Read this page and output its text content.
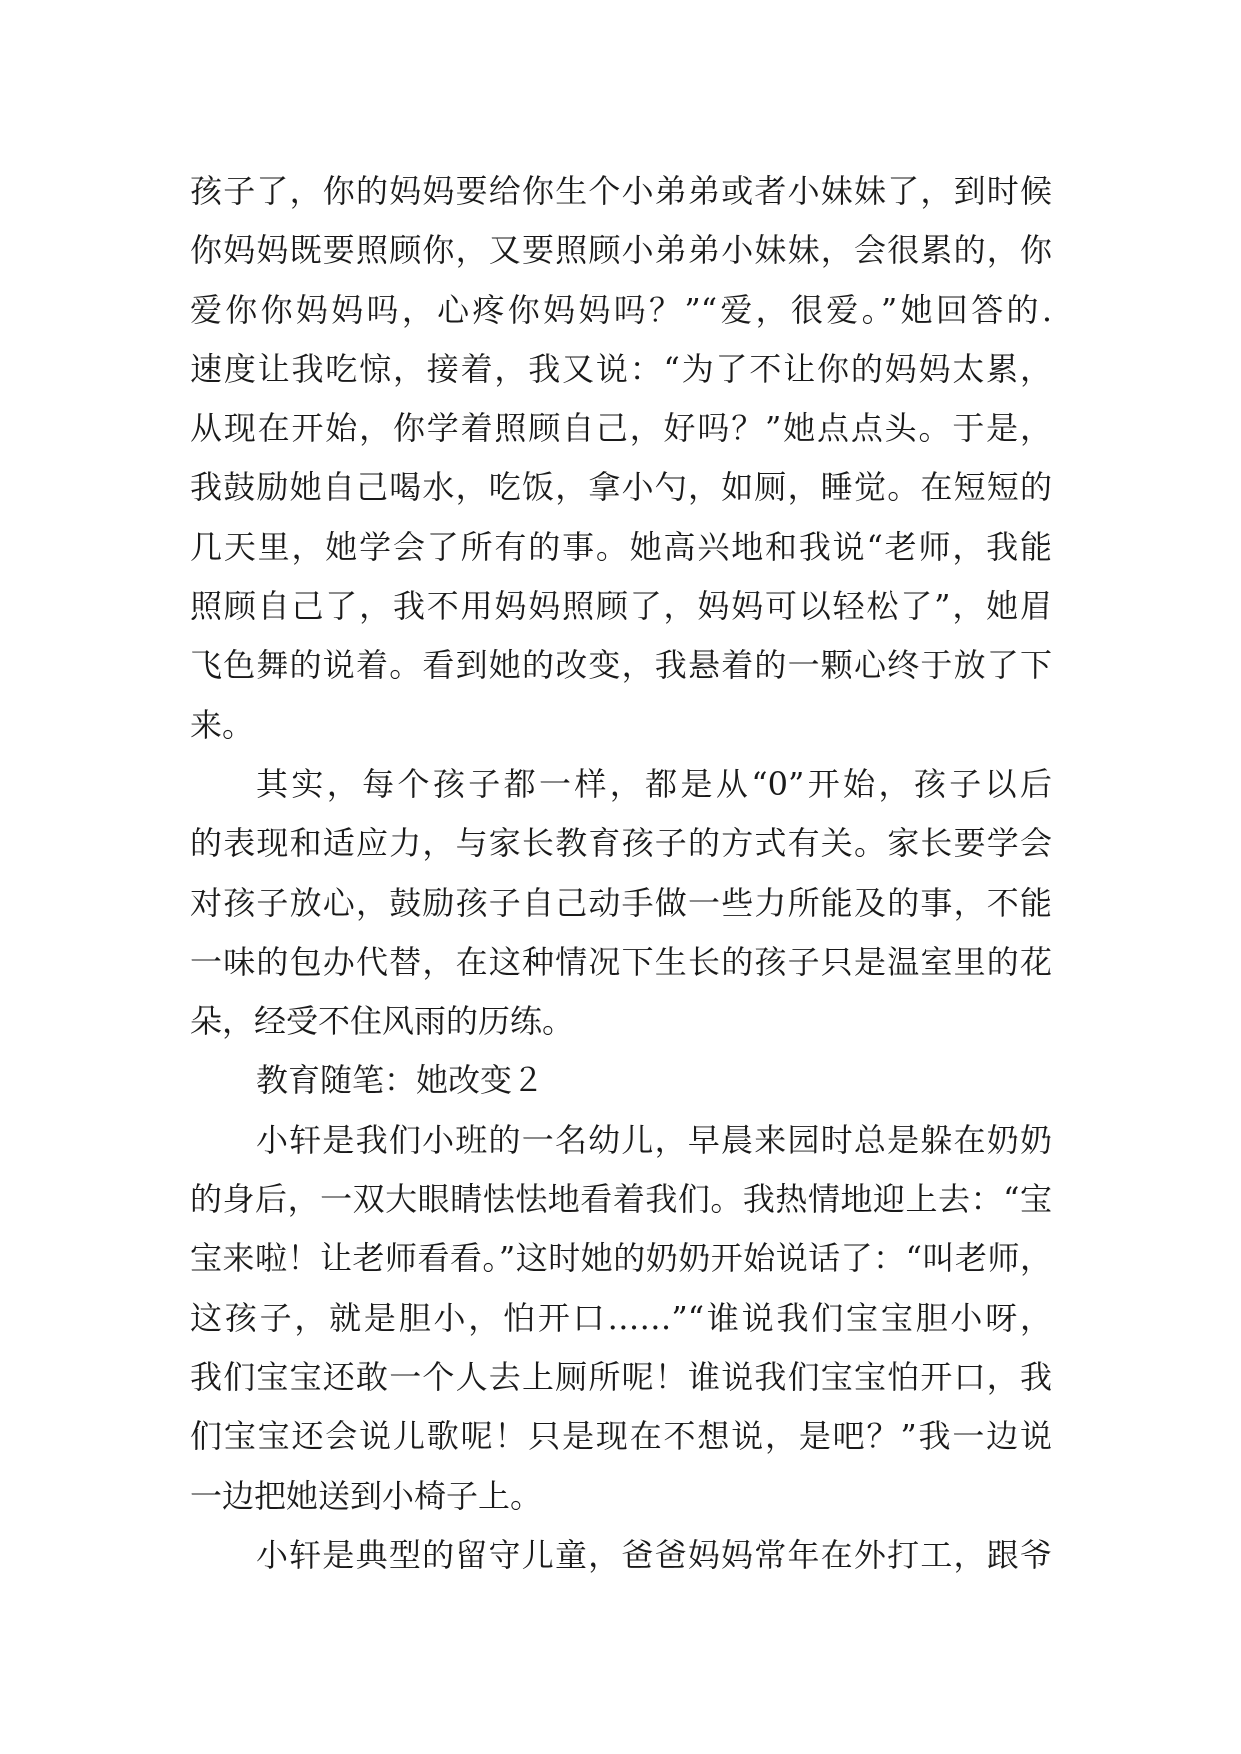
孩子了，你的妈妈要给你生个小弟弟或者小妹妹了，到时候
你妈妈既要照顾你，又要照顾小弟弟小妹妹，会很累的，你
爱你你妈妈吗，心疼你妈妈吗？”“爱，很爱。”她回答的.
速度让我吃惊，接着，我又说：“为了不让你的妈妈太累，
从现在开始，你学着照顾自己，好吗？”她点点头。于是，
我鼓励她自己喝水，吃饭，拿小勺，如厕，睡觉。在短短的
几天里，她学会了所有的事。她高兴地和我说“老师，我能
照顾自己了，我不用妈妈照顾了，妈妈可以轻松了”，她眉
飞色舞的说着。看到她的改变，我悬着的一颗心终于放了下
来。
其实，每个孩子都一样，都是从“0”开始，孩子以后
的表现和适应力，与家长教育孩子的方式有关。家长要学会
对孩子放心，鼓励孩子自己动手做一些力所能及的事，不能
一味的包办代替，在这种情况下生长的孩子只是温室里的花
朵，经受不住风雨的历练。
教育随笔：她改变２
小轩是我们小班的一名幼儿，早晨来园时总是躲在奶奶
的身后，一双大眼睛怯怯地看着我们。我热情地迎上去：“宝
宝来啦！让老师看看。”这时她的奶奶开始说话了：“叫老师，
这孩子，就是胆小，怕开口……”“谁说我们宝宝胆小呀，
我们宝宝还敢一个人去上厕所呢！谁说我们宝宝怕开口，我
们宝宝还会说儿歌呢！只是现在不想说，是吧？”我一边说
一边把她送到小椅子上。
小轩是典型的留守儿童，爸爸妈妈常年在外打工，跟爷
